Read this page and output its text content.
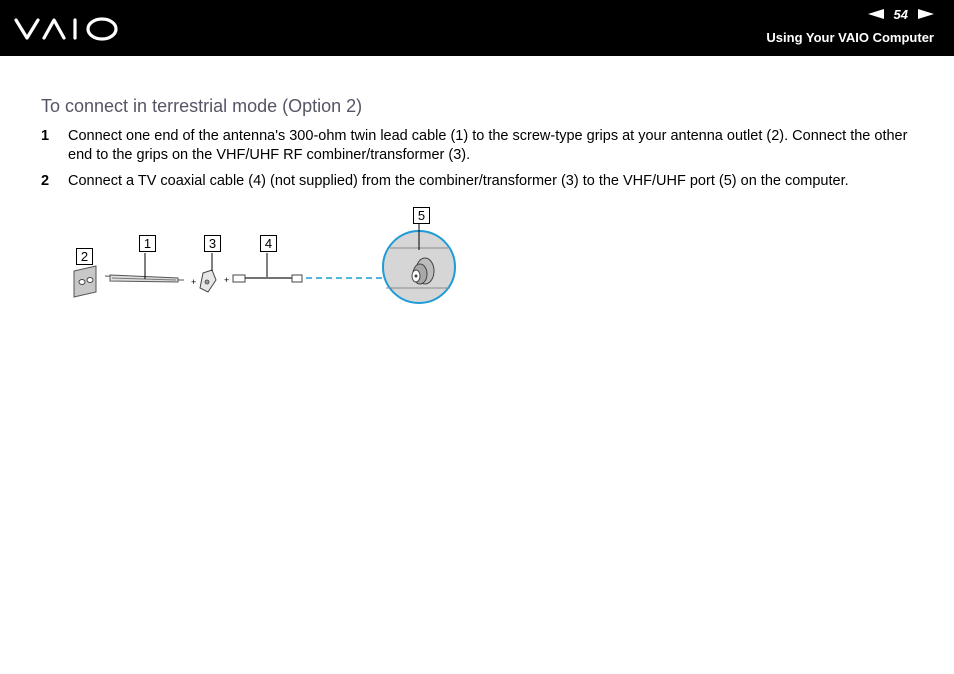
54
Using Your VAIO Computer
To connect in terrestrial mode (Option 2)
1	Connect one end of the antenna's 300-ohm twin lead cable (1) to the screw-type grips at your antenna outlet (2). Connect the other end to the grips on the VHF/UHF RF combiner/transformer (3).
2	Connect a TV coaxial cable (4) (not supplied) from the combiner/transformer (3) to the VHF/UHF port (5) on the computer.
+	+
1
2
3	4
5
